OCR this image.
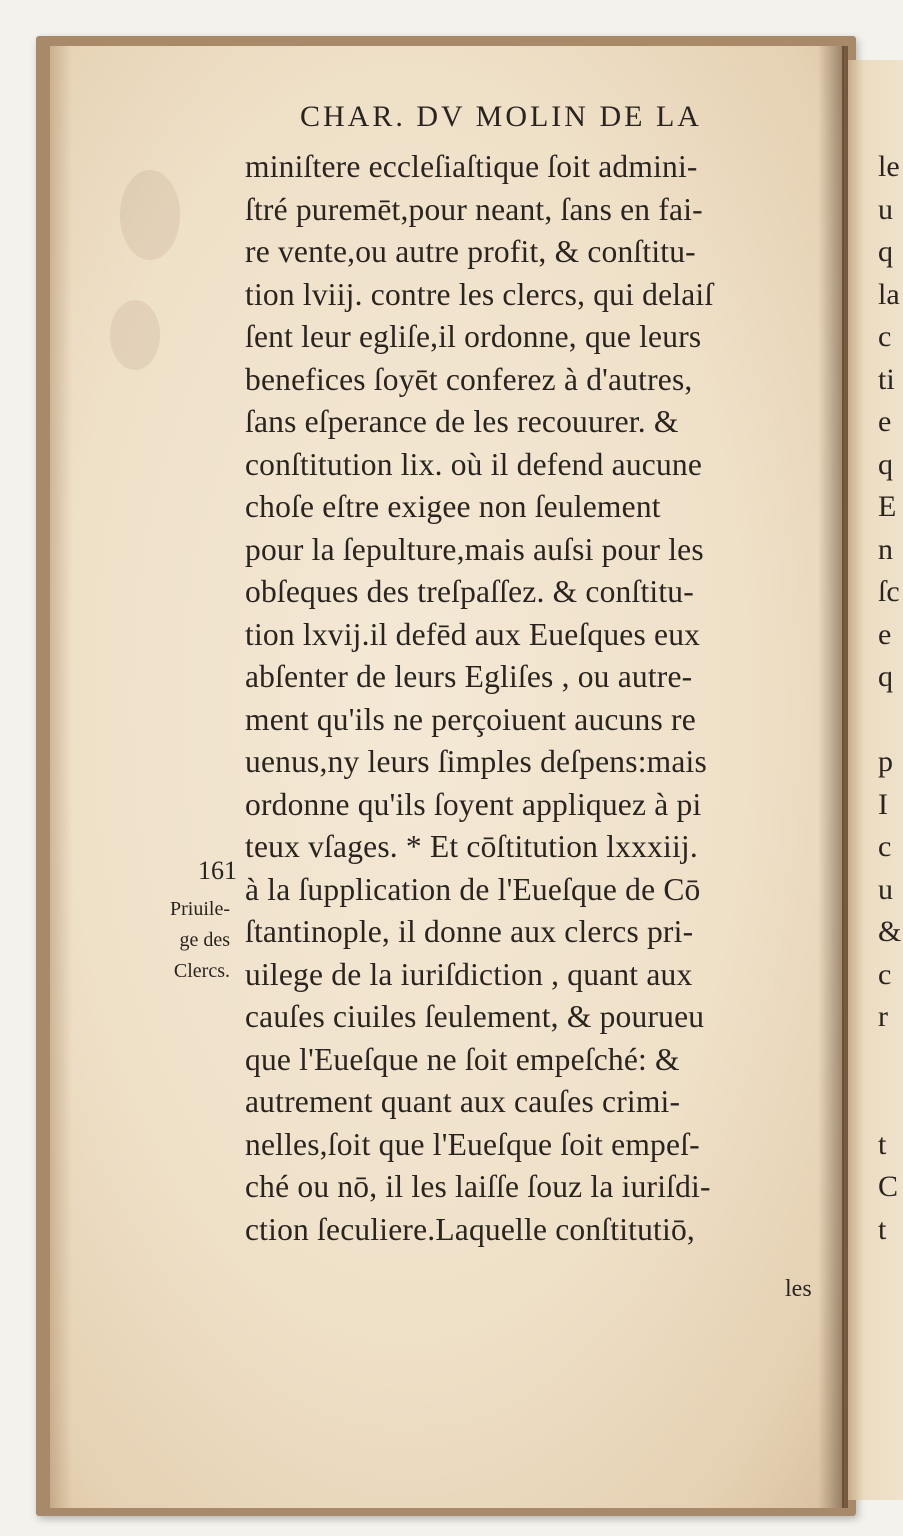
CHAR. DV MOLIN DE LA
miniſtere eccleſiaſtique ſoit admini-
ſtré puremēt,pour neant, ſans en fai-
re vente,ou autre profit, & conſtitu-
tion lviij. contre les clercs, qui delaiſ
ſent leur egliſe,il ordonne, que leurs
benefices ſoyēt conferez à d'autres,
ſans eſperance de les recouurer. &
conſtitution lix. où il defend aucune
choſe eſtre exigee non ſeulement
pour la ſepulture,mais auſsi pour les
obſeques des treſpaſſez. & conſtitu-
tion lxvij.il defēd aux Eueſques eux
abſenter de leurs Egliſes , ou autre-
ment qu'ils ne perçoiuent aucuns re
uenus,ny leurs ſimples deſpens:mais
ordonne qu'ils ſoyent appliquez à pi
teux vſages. * Et cōſtitution lxxxiij.
à la ſupplication de l'Eueſque de Cō
ſtantinople, il donne aux clercs pri-
uilege de la iuriſdiction , quant aux
cauſes ciuiles ſeulement, & pourueu
que l'Eueſque ne ſoit empeſché: &
autrement quant aux cauſes crimi-
nelles,ſoit que l'Eueſque ſoit empeſ-
ché ou nō, il les laiſſe ſouz la iuriſdi-
ction ſeculiere.Laquelle conſtitutiō,
161
Priuile-
ge des
Clercs.
les
le
u
q
la
c
ti
e
q
E
n
ſc
e
q
p
I
c
u
&
c
r
t
C
t
